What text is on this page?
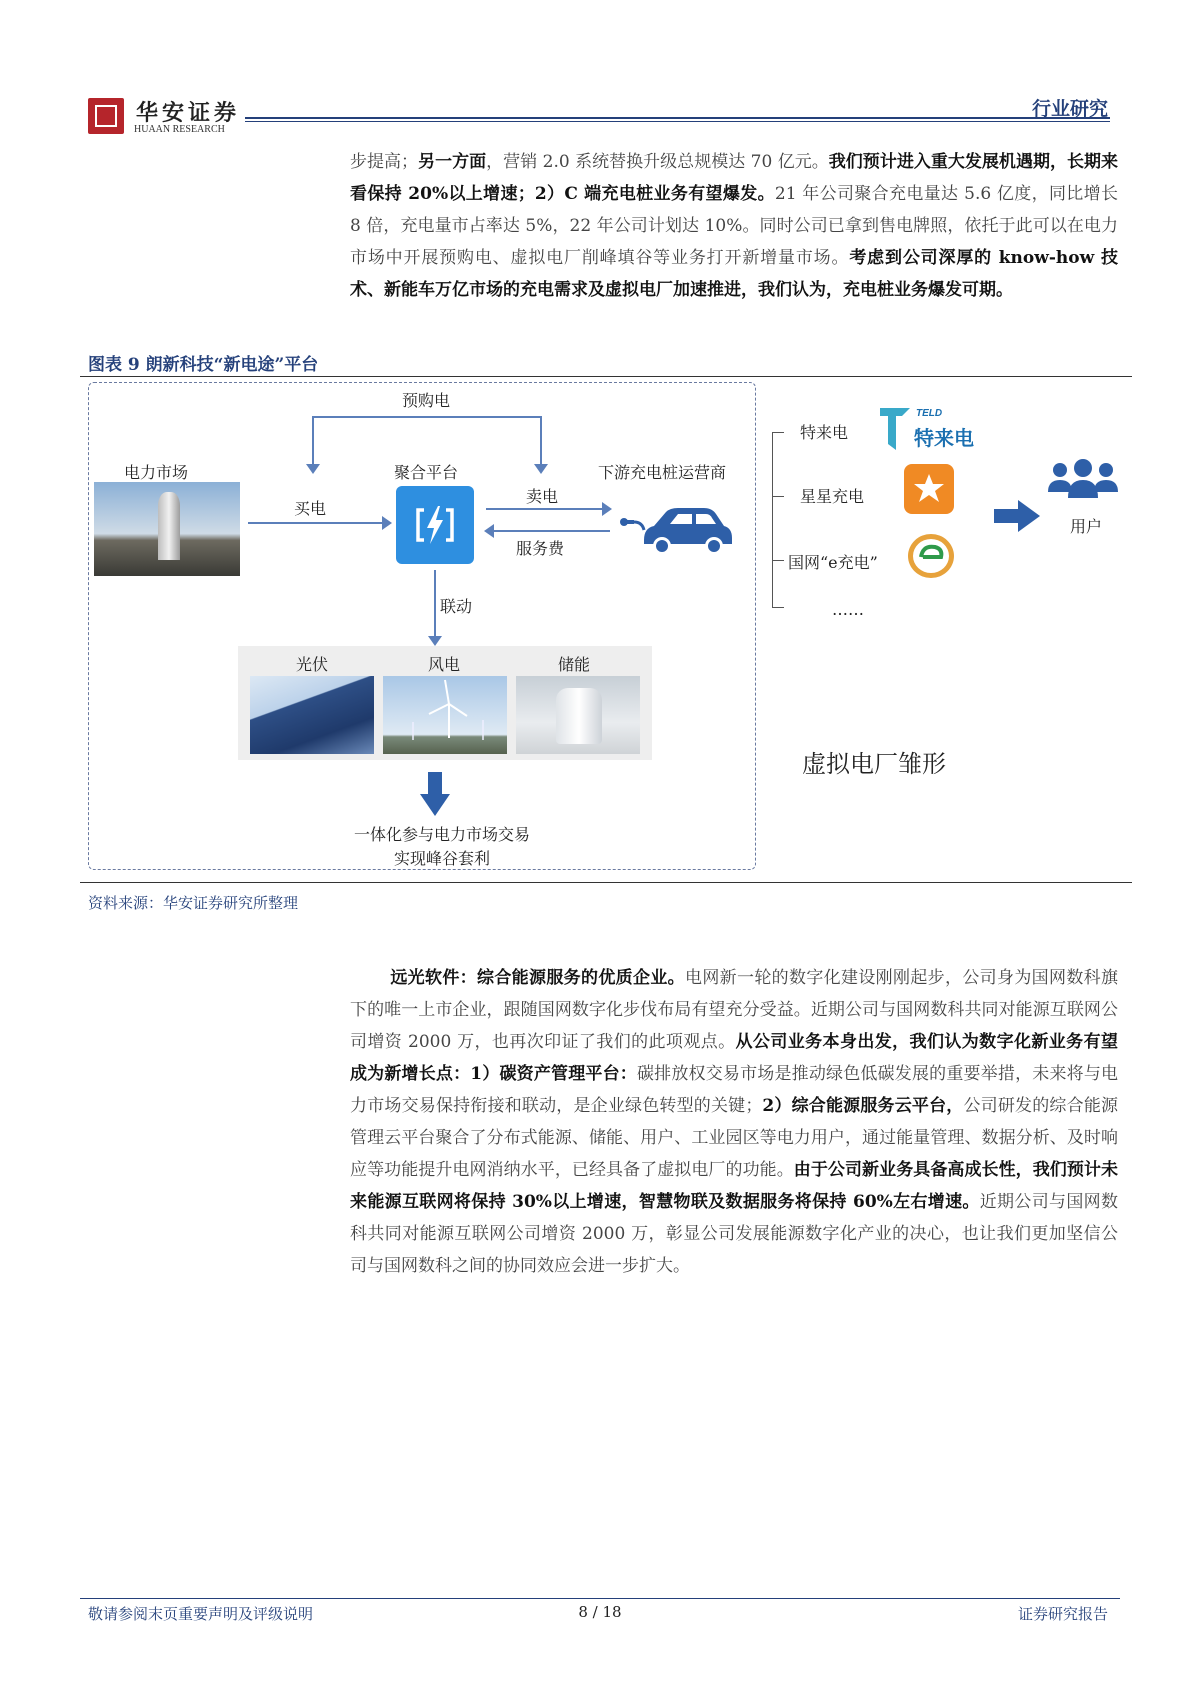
华安证券
HUAAN RESEARCH
行业研究
步提高；另一方面，营销 2.0 系统替换升级总规模达 70 亿元。我们预计进入重大发展机遇期，长期来看保持 20%以上增速；2）C 端充电桩业务有望爆发。21 年公司聚合充电量达 5.6 亿度，同比增长 8 倍，充电量市占率达 5%，22 年公司计划达 10%。同时公司已拿到售电牌照，依托于此可以在电力市场中开展预购电、虚拟电厂削峰填谷等业务打开新增量市场。考虑到公司深厚的 know-how 技术、新能车万亿市场的充电需求及虚拟电厂加速推进，我们认为，充电桩业务爆发可期。
图表 9 朗新科技“新电途”平台
预购电
电力市场
买电
聚合平台
卖电
服务费
下游充电桩运营商
联动
光伏	风电	储能
一体化参与电力市场交易
实现峰谷套利
特来电
星星充电
国网“e充电”
……
TELD
特来电
用户
虚拟电厂雏形
资料来源：华安证券研究所整理
远光软件：综合能源服务的优质企业。电网新一轮的数字化建设刚刚起步，公司身为国网数科旗下的唯一上市企业，跟随国网数字化步伐布局有望充分受益。近期公司与国网数科共同对能源互联网公司增资 2000 万，也再次印证了我们的此项观点。从公司业务本身出发，我们认为数字化新业务有望成为新增长点：1）碳资产管理平台：碳排放权交易市场是推动绿色低碳发展的重要举措，未来将与电力市场交易保持衔接和联动，是企业绿色转型的关键；2）综合能源服务云平台，公司研发的综合能源管理云平台聚合了分布式能源、储能、用户、工业园区等电力用户，通过能量管理、数据分析、及时响应等功能提升电网消纳水平，已经具备了虚拟电厂的功能。由于公司新业务具备高成长性，我们预计未来能源互联网将保持 30%以上增速，智慧物联及数据服务将保持 60%左右增速。近期公司与国网数科共同对能源互联网公司增资 2000 万，彰显公司发展能源数字化产业的决心，也让我们更加坚信公司与国网数科之间的协同效应会进一步扩大。
敬请参阅末页重要声明及评级说明	8 / 18	证券研究报告
